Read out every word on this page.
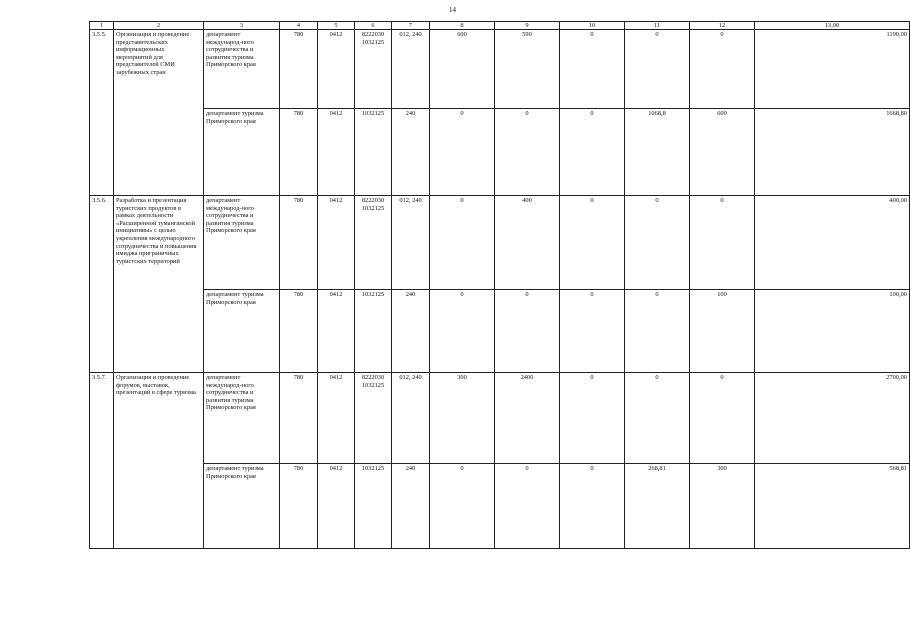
14
1	2	3	4	5	6	7	8	9	10	11	12	13,00
3.5.5.	Организация и проведение представительских информационных мероприятий для представителей СМИ зарубежных стран	департамент международ-ного сотрудничества и развития туризма Приморского края	780	0412	8222030 1032125	012, 240	600	590	0	0	0	1190,00
		департамент туризма Приморского края	780	0412	1032125	240	0	0	0	1068,8	600	1668,80
3.5.6.	Разработка и презентация туристских продуктов в рамках деятельности «Расширенной туманганской инициативы» с целью укрепления международного сотрудничества и повышения имиджа приграничных туристских территорий	департамент международ-ного сотрудничества и развития туризма Приморского края	780	0412	8222030 1032125	012, 240	0	400	0	0	0	400,00
		департамент туризма Приморского края	780	0412	1032125	240	0	0	0	0	100	100,00
3.5.7.	Организация и проведение форумов, выставок, презентаций в сфере туризма	департамент международ-ного сотрудничества и развития туризма Приморского края	780	0412	8222030 1032125	012, 240	300	2400	0	0	0	2700,00
		департамент туризма Приморского края	780	0412	1032125	240	0	0	0	268,81	300	568,81
